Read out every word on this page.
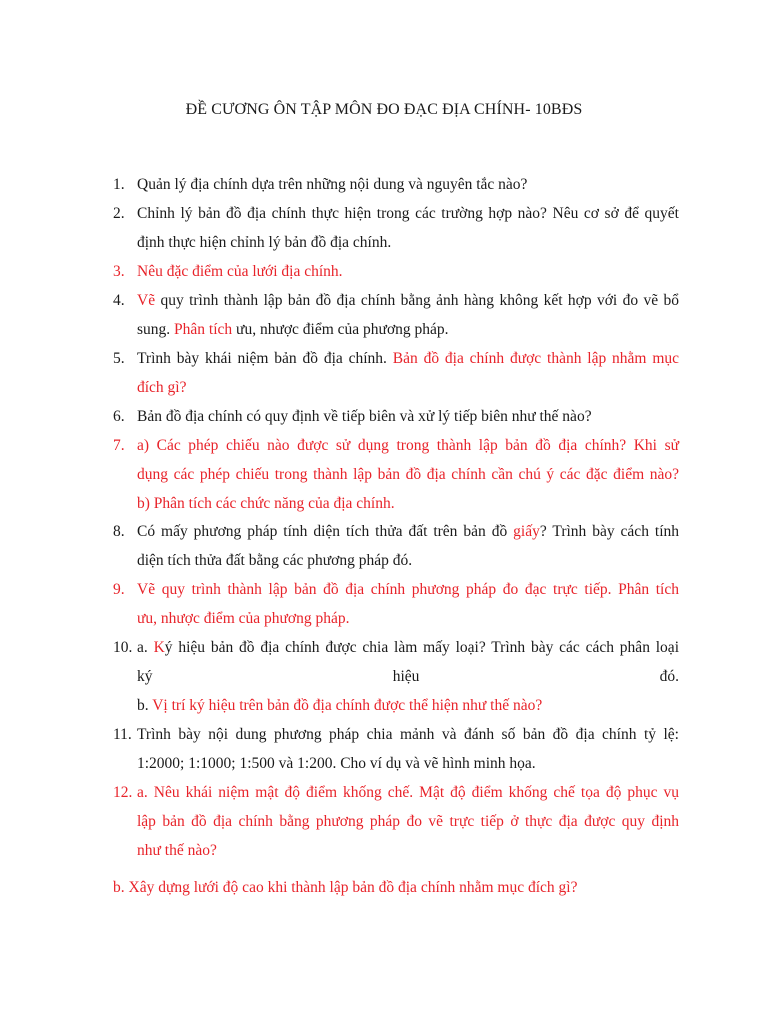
ĐỀ CƯƠNG ÔN TẬP MÔN ĐO ĐẠC ĐỊA CHÍNH- 10BĐS
1. Quản lý địa chính dựa trên những nội dung và nguyên tắc nào?
2. Chỉnh lý bản đồ địa chính thực hiện trong các trường hợp nào? Nêu cơ sở để quyết
định thực hiện chỉnh lý bản đồ địa chính.
3. Nêu đặc điểm của lưới địa chính.
4. Vẽ quy trình thành lập bản đồ địa chính bằng ảnh hàng không kết hợp với đo vẽ bổ
sung. Phân tích ưu, nhược điểm của phương pháp.
5. Trình bày khái niệm bản đồ địa chính. Bản đồ địa chính được thành lập nhằm mục
đích gì?
6. Bản đồ địa chính có quy định về tiếp biên và xử lý tiếp biên như thế nào?
7. a) Các phép chiếu nào được sử dụng trong thành lập bản đồ địa chính? Khi sử
dụng các phép chiếu trong thành lập bản đồ địa chính cần chú ý các đặc điểm nào?
b) Phân tích các chức năng của địa chính.
8. Có mấy phương pháp tính diện tích thửa đất trên bản đồ giấy? Trình bày cách tính
diện tích thửa đất bằng các phương pháp đó.
9. Vẽ quy trình thành lập bản đồ địa chính phương pháp đo đạc trực tiếp. Phân tích
ưu, nhược điểm của phương pháp.
10. a. Ký hiệu bản đồ địa chính được chia làm mấy loại? Trình bày các cách phân loại
ký hiệu đó.
b. Vị trí ký hiệu trên bản đồ địa chính được thể hiện như thế nào?
11. Trình bày nội dung phương pháp chia mảnh và đánh số bản đồ địa chính tỷ lệ:
1:2000; 1:1000; 1:500 và 1:200. Cho ví dụ và vẽ hình minh họa.
12. a. Nêu khái niệm mật độ điểm khống chế. Mật độ điểm khống chế tọa độ phục vụ
lập bản đồ địa chính bằng phương pháp đo vẽ trực tiếp ở thực địa được quy định
như thế nào?
b. Xây dựng lưới độ cao khi thành lập bản đồ địa chính nhằm mục đích gì?
